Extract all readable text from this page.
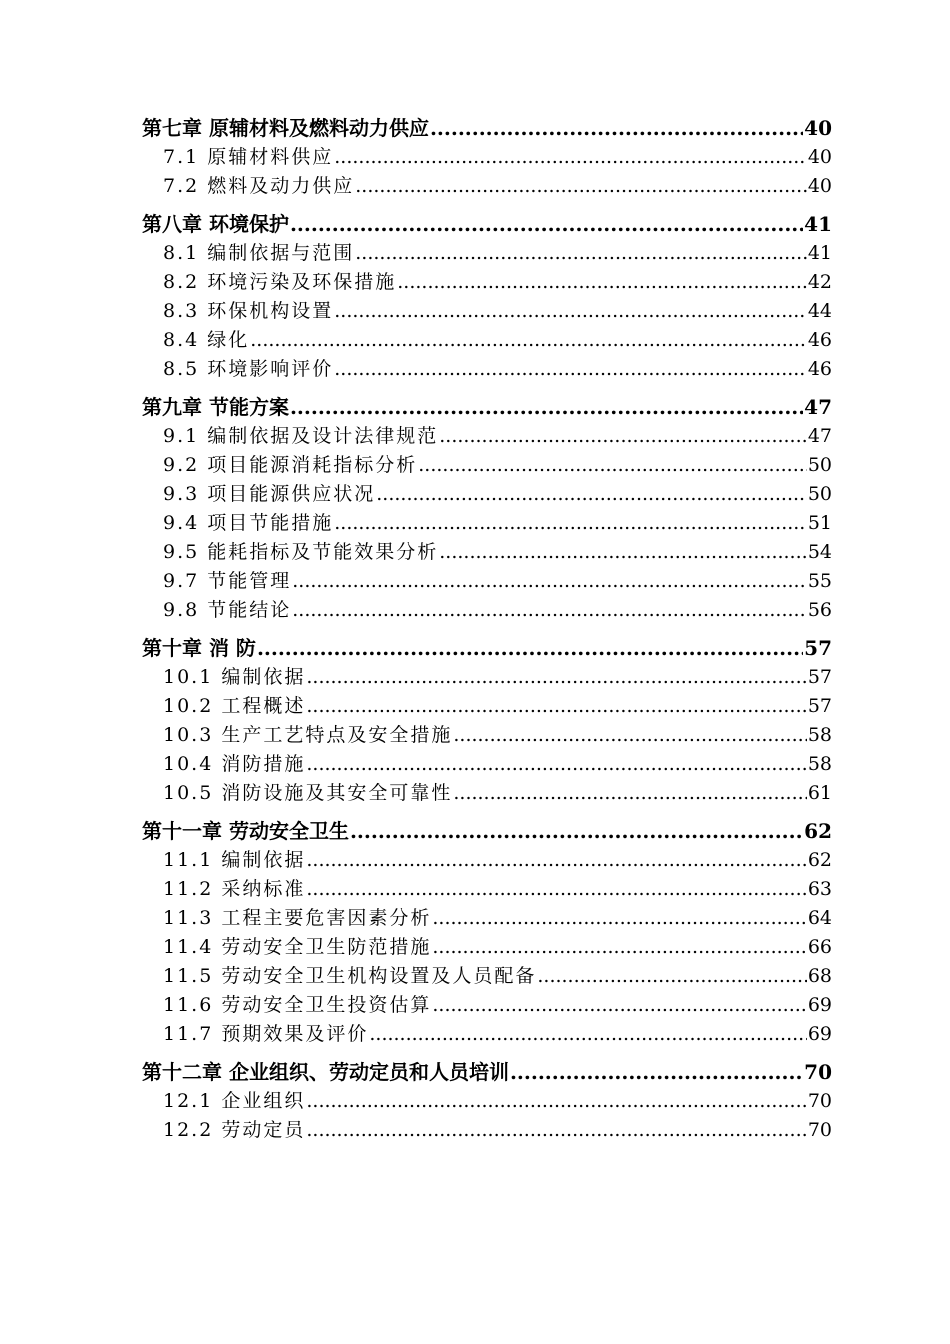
第七章 原辅材料及燃料动力供应 .....	40
7.1 原辅材料供应 .....	40
7.2 燃料及动力供应 .....	40
第八章 环境保护 .....	41
8.1 编制依据与范围 .....	41
8.2 环境污染及环保措施 .....	42
8.3 环保机构设置 .....	44
8.4 绿化 .....	46
8.5 环境影响评价 .....	46
第九章 节能方案 .....	47
9.1 编制依据及设计法律规范 .....	47
9.2 项目能源消耗指标分析 .....	50
9.3 项目能源供应状况 .....	50
9.4 项目节能措施 .....	51
9.5 能耗指标及节能效果分析 .....	54
9.7 节能管理 .....	55
9.8 节能结论 .....	56
第十章 消 防 .....	57
10.1 编制依据 .....	57
10.2 工程概述 .....	57
10.3 生产工艺特点及安全措施 .....	58
10.4 消防措施 .....	58
10.5 消防设施及其安全可靠性 .....	61
第十一章 劳动安全卫生 .....	62
11.1 编制依据 .....	62
11.2 采纳标准 .....	63
11.3 工程主要危害因素分析 .....	64
11.4 劳动安全卫生防范措施 .....	66
11.5 劳动安全卫生机构设置及人员配备 .....	68
11.6 劳动安全卫生投资估算 .....	69
11.7 预期效果及评价 .....	69
第十二章 企业组织、劳动定员和人员培训 .....	70
12.1 企业组织 .....	70
12.2 劳动定员 .....	70
